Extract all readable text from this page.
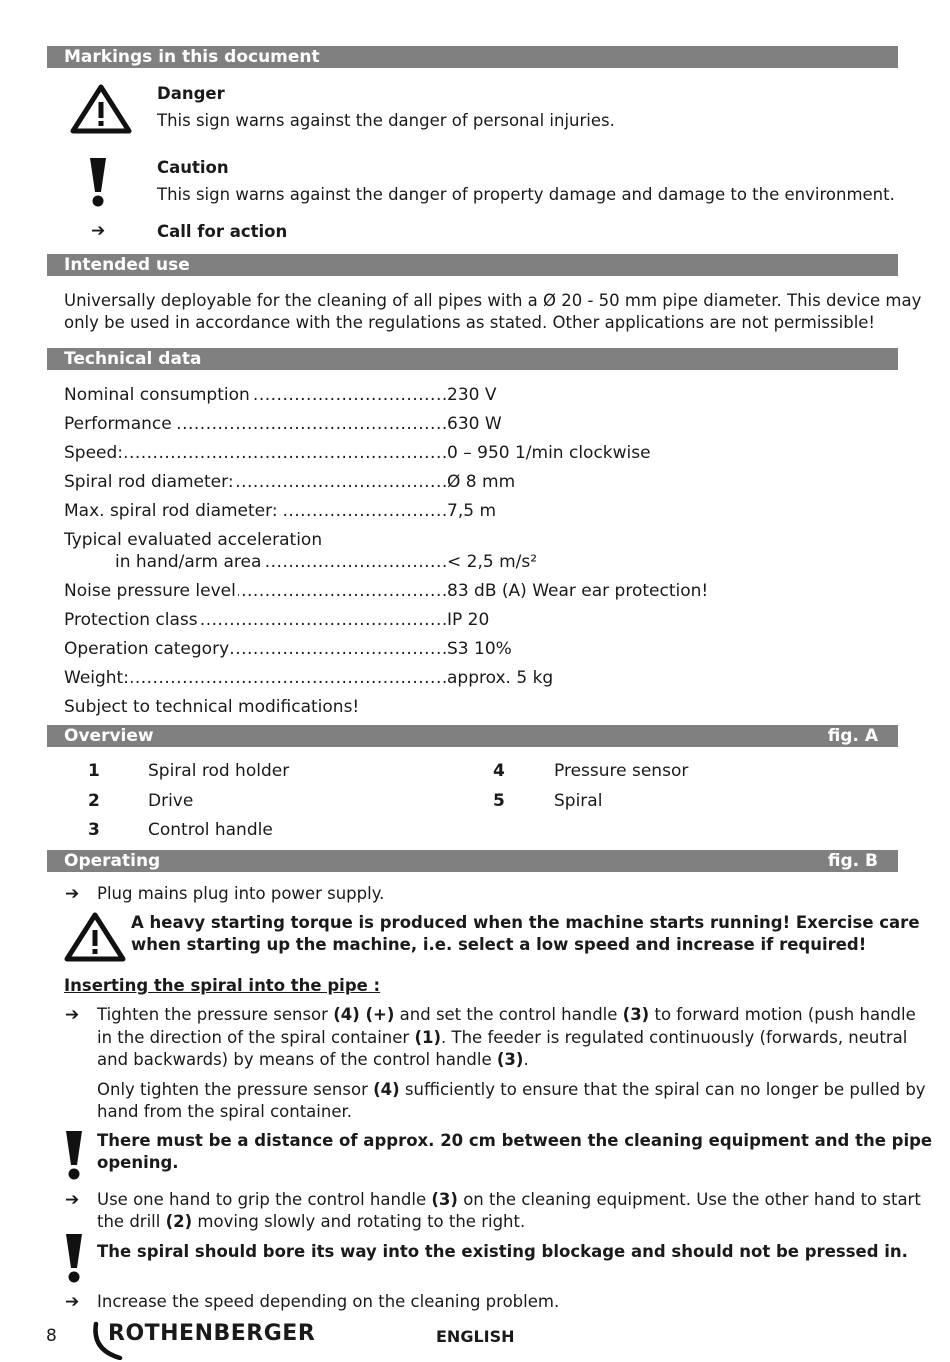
Markings in this document
Danger
This sign warns against the danger of personal injuries.
Caution
This sign warns against the danger of property damage and damage to the environment.
➔	Call for action
Intended use
Universally deployable for the cleaning of all pipes with a Ø 20 - 50 mm pipe diameter. This device may
only be used in accordance with the regulations as stated. Other applications are not permissible!
Technical data
Nominal consumption .....	230 V
Performance .....	630 W
Speed: .....	0 – 950 1/min clockwise
Spiral rod diameter: .....	Ø 8 mm
Max. spiral rod diameter: .....	7,5 m
Typical evaluated acceleration
in hand/arm area .....	< 2,5 m/s²
Noise pressure level .....	83 dB (A) Wear ear protection!
Protection class .....	IP 20
Operation category .....	S3 10%
Weight: .....	approx. 5 kg
Subject to technical modifications!
Overview	fig. A
1	Spiral rod holder
2	Drive
3	Control handle
4	Pressure sensor
5	Spiral
Operating	fig. B
➔ Plug mains plug into power supply.
A heavy starting torque is produced when the machine starts running! Exercise care
when starting up the machine, i.e. select a low speed and increase if required!
Inserting the spiral into the pipe :
➔ Tighten the pressure sensor (4) (+) and set the control handle (3) to forward motion (push handle
in the direction of the spiral container (1). The feeder is regulated continuously (forwards, neutral
and backwards) by means of the control handle (3).
Only tighten the pressure sensor (4) sufficiently to ensure that the spiral can no longer be pulled by
hand from the spiral container.
There must be a distance of approx. 20 cm between the cleaning equipment and the pipe
opening.
➔ Use one hand to grip the control handle (3) on the cleaning equipment. Use the other hand to start
the drill (2) moving slowly and rotating to the right.
The spiral should bore its way into the existing blockage and should not be pressed in.
➔ Increase the speed depending on the cleaning problem.
8 ROTHENBERGER	ENGLISH
